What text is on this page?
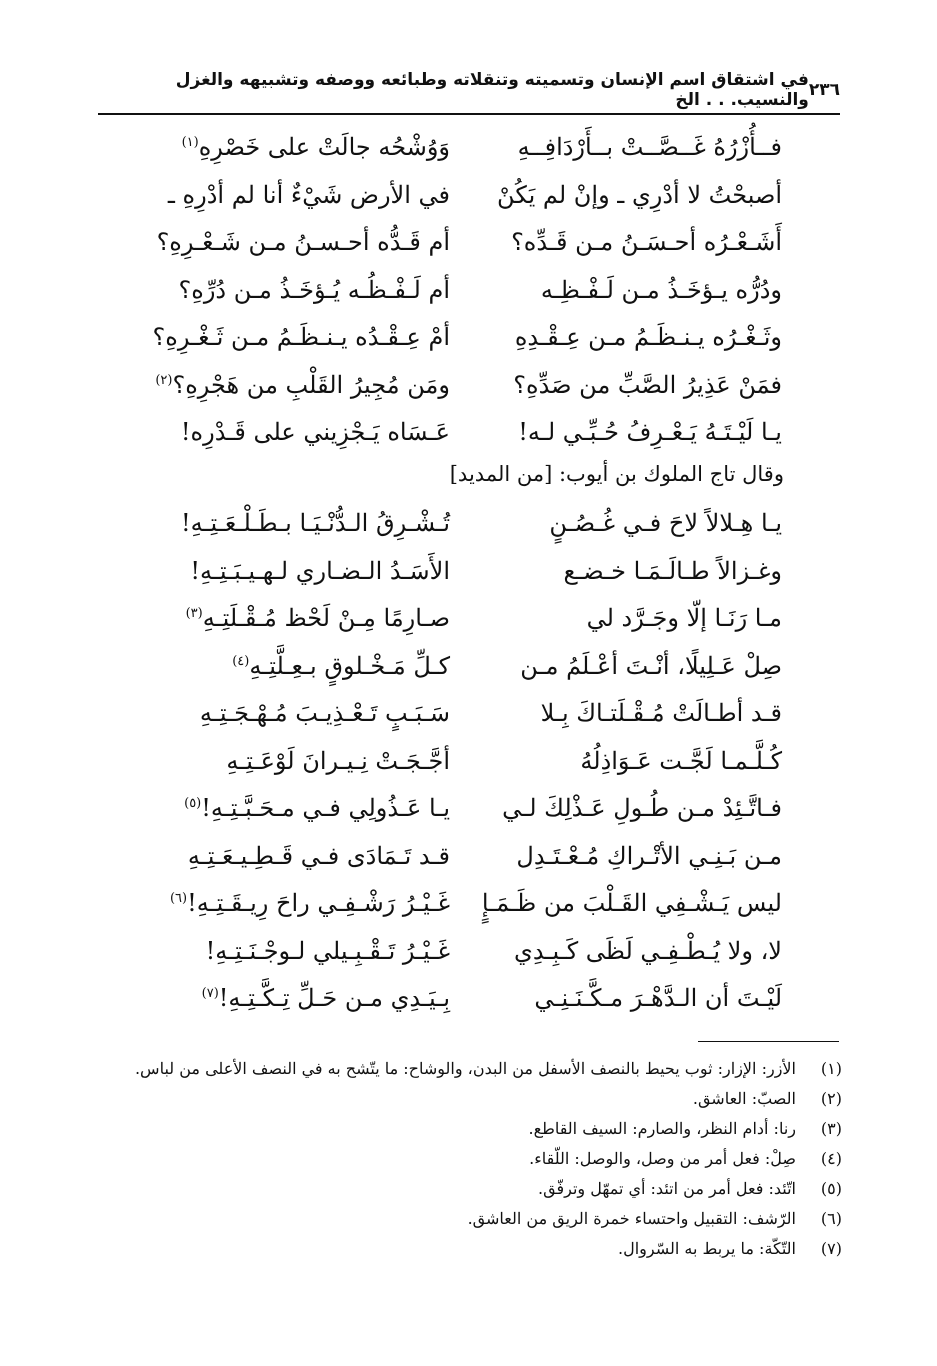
٢٣٦
في اشتقاق اسم الإنسان وتسميته وتنقلاته وطبائعه ووصفه وتشبيهه والغزل والنسيب. . . الخ
فــأُزْرُهُ غَــصَّــتْ بــأَرْدَافِــهِ
وَوُشْحُه جالَتْ على خَصْرِهِ$^{(١)}$
أصبحْتُ لا أدْرِي ـ وإنْ لم يَكُنْ
في الأرض شَيْءٌ أنا لم أدْرِهِ ـ
أَشَـعْـرُه أحـسَـنُ مـن قَـدِّه؟
أم قَـدُّه أحـسـنُ مـن شَـعْـرِهِ؟
ودُرُّه يـؤخَـذُ مـن لَـفْـظِـه
أم لَـفْـظُـه يُـؤخَـذُ مـن دُرِّهِ؟
وثَـغْـرُه يـنـظَـمُ مـن عِـقْـدِهِ
أمْ عِـقْـدُه يـنـظَـمُ مـن ثَـغْـرِهِ؟
فمَنْ عَذِيرُ الصَّبِّ من صَدِّهِ؟
ومَن مُجِيرُ القَلْبِ من هَجْرِهِ؟$^{(٢)}$
يـا لَيْـتَـهُ يَـعْـرِفُ حُـبِّـي لـه!
عَـسَاه يَـجْزِيني على قَـدْرِه!
وقال تاج الملوك بن أيوب: [من المديد]
يـا هِـلالاً لاحَ فـي غُـصُـنٍ
تُـشْـرِقُ الـدُّنْـيَـا بـطَـلْـعَـتِـهِ!
وغـزالاً طـالَـمَـا خـضـع
الأَسَـدُ الـضـاري لـهـيـبَـتِـهِ!
مـا رَنَـا إلّا وجَـرَّد لي
صـارِمًا مِـنْ لَحْظ مُـقْـلَتِـهِ$^{(٣)}$
صِلْ عَـلِيلًا، أنْـتَ أعْـلَمُ مـن
كـلِّ مَـخْـلوقٍ بـعِـلَّتِـهِ$^{(٤)}$
قـد أطـالَتْ مُـقْـلَتـاكَ بِـلا
سَـبَـبٍ تَـعْـذِيـبَ مُـهْـجَـتِـهِ
كُـلَّـمـا لَجَّـت عَـوَاذِلُهُ
أجَّـجَـتْ نِـيـرانَ لَوْعَـتِـهِ
فـاتَّـئِدْ مـن طُـولِ عَـذْلِكَ لـي
يـا عَـذُولِي فـي مـحَـبَّـتِـهِ!$^{(٥)}$
مـن بَـنِـي الأتْـراكِ مُـعْـتَـدِل
قـد تَـمَادَى فـي قَـطِـيـعَـتِـهِ
ليس يَـشْـفِي القَـلْبَ من ظَـمَـإٍ
غَـيْـرُ رَشْـفِـي راحَ رِيـقَـتِـهِ!$^{(٦)}$
لا، ولا يُـطْـفِـي لَظَى كَـبِـدِي
غَـيْـرُ تَـقْـبِـيلي لـوجْـنَـتِـهِ!
لَيْـتَ أن الـدَّهْـرَ مـكَّـنَـنِـي
بِـيَـدِي مـن حَـلِّ تِـكَّـتِـهِ!$^{(٧)}$
(١)
الأزر: الإزار: ثوب يحيط بالنصف الأسفل من البدن، والوشاح: ما يتّشح به في النصف الأعلى من لباس.
(٢)
الصبّ: العاشق.
(٣)
رنا: أدام النظر، والصارم: السيف القاطع.
(٤)
صِلْ: فعل أمر من وصل، والوصل: اللّقاء.
(٥)
اتّئد: فعل أمر من اتئد: أي تمهّل وترفّق.
(٦)
الرّشف: التقبيل واحتساء خمرة الريق من العاشق.
(٧)
التّكّة: ما يربط به السّروال.
